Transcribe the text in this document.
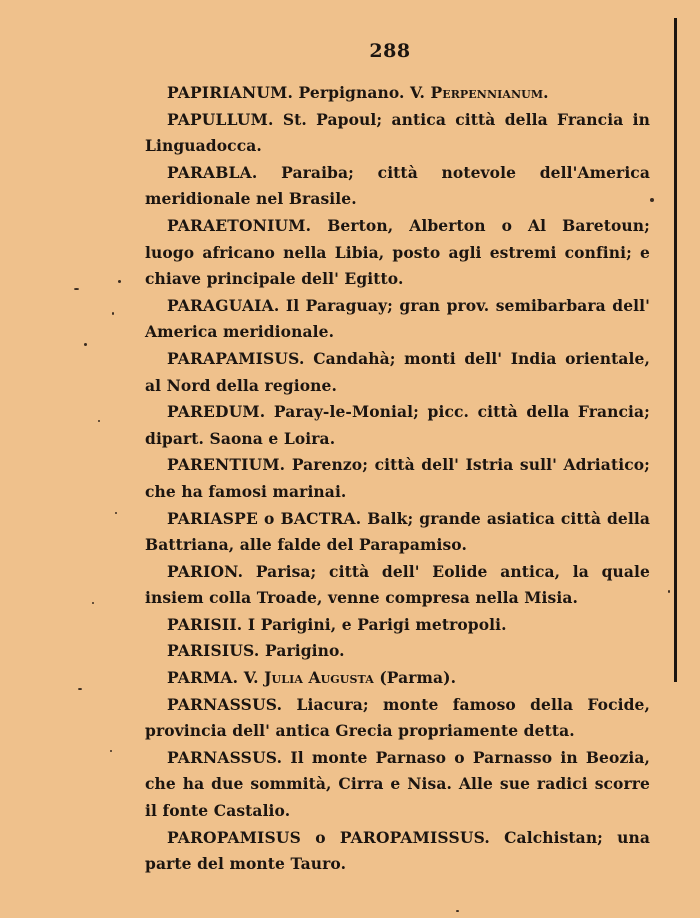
288

PAPIRIANUM. Perpignano. V. Perpennianum.

PAPULLUM. St. Papoul; antica città della Francia in Linguadocca.

PARABLA. Paraiba; città notevole dell'America meridionale nel Brasile.

PARAETONIUM. Berton, Alberton o Al Baretoun; luogo africano nella Libia, posto agli estremi confini; e chiave principale dell' Egitto.

PARAGUAIA. Il Paraguay; gran prov. semibarbara dell' America meridionale.

PARAPAMISUS. Candahà; monti dell' India orientale, al Nord della regione.

PAREDUM. Paray-le-Monial; picc. città della Francia; dipart. Saona e Loira.

PARENTIUM. Parenzo; città dell' Istria sull' Adriatico; che ha famosi marinai.

PARIASPE o BACTRA. Balk; grande asiatica città della Battriana, alle falde del Parapamiso.

PARION. Parisa; città dell' Eolide antica, la quale insiem colla Troade, venne compresa nella Misia.

PARISII. I Parigini, e Parigi metropoli.

PARISIUS. Parigino.

PARMA. V. Julia Augusta (Parma).

PARNASSUS. Liacura; monte famoso della Focide, provincia dell' antica Grecia propriamente detta.

PARNASSUS. Il monte Parnaso o Parnasso in Beozia, che ha due sommità, Cirra e Nisa. Alle sue radici scorre il fonte Castalio.

PAROPAMISUS o PAROPAMISSUS. Calchistan; una parte del monte Tauro.
